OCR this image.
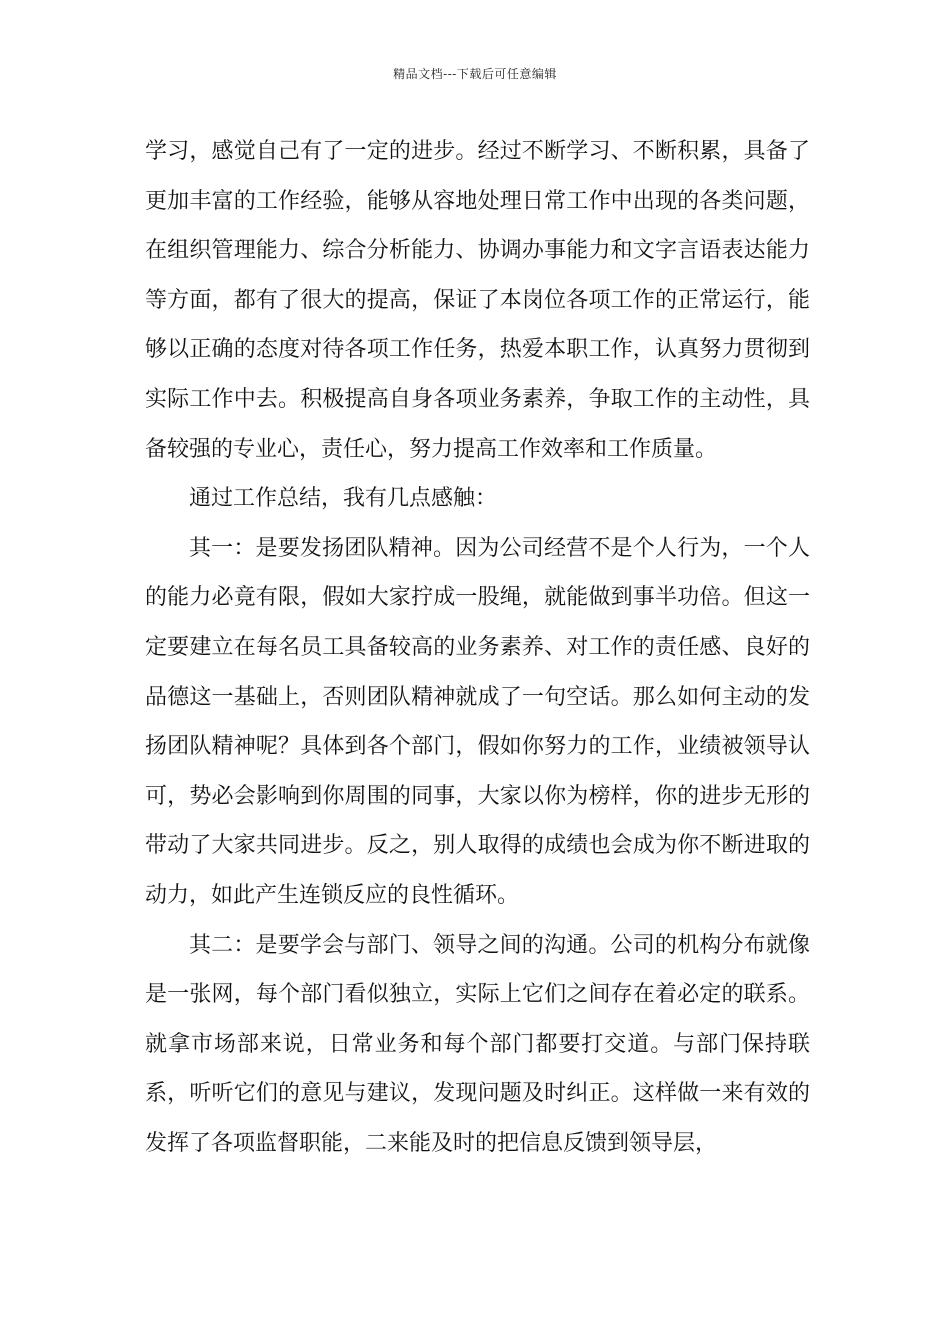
精品文档---下载后可任意编辑

学习，感觉自己有了一定的进步。经过不断学习、不断积累，具备了更加丰富的工作经验，能够从容地处理日常工作中出现的各类问题，在组织管理能力、综合分析能力、协调办事能力和文字言语表达能力等方面，都有了很大的提高，保证了本岗位各项工作的正常运行，能够以正确的态度对待各项工作任务，热爱本职工作，认真努力贯彻到实际工作中去。积极提高自身各项业务素养，争取工作的主动性，具备较强的专业心，责任心，努力提高工作效率和工作质量。

通过工作总结，我有几点感触：

其一：是要发扬团队精神。因为公司经营不是个人行为，一个人的能力必竟有限，假如大家拧成一股绳，就能做到事半功倍。但这一定要建立在每名员工具备较高的业务素养、对工作的责任感、良好的品德这一基础上，否则团队精神就成了一句空话。那么如何主动的发扬团队精神呢？具体到各个部门，假如你努力的工作，业绩被领导认可，势必会影响到你周围的同事，大家以你为榜样，你的进步无形的带动了大家共同进步。反之，别人取得的成绩也会成为你不断进取的动力，如此产生连锁反应的良性循环。

其二：是要学会与部门、领导之间的沟通。公司的机构分布就像是一张网，每个部门看似独立，实际上它们之间存在着必定的联系。就拿市场部来说，日常业务和每个部门都要打交道。与部门保持联系，听听它们的意见与建议，发现问题及时纠正。这样做一来有效的发挥了各项监督职能，二来能及时的把信息反馈到领导层，
